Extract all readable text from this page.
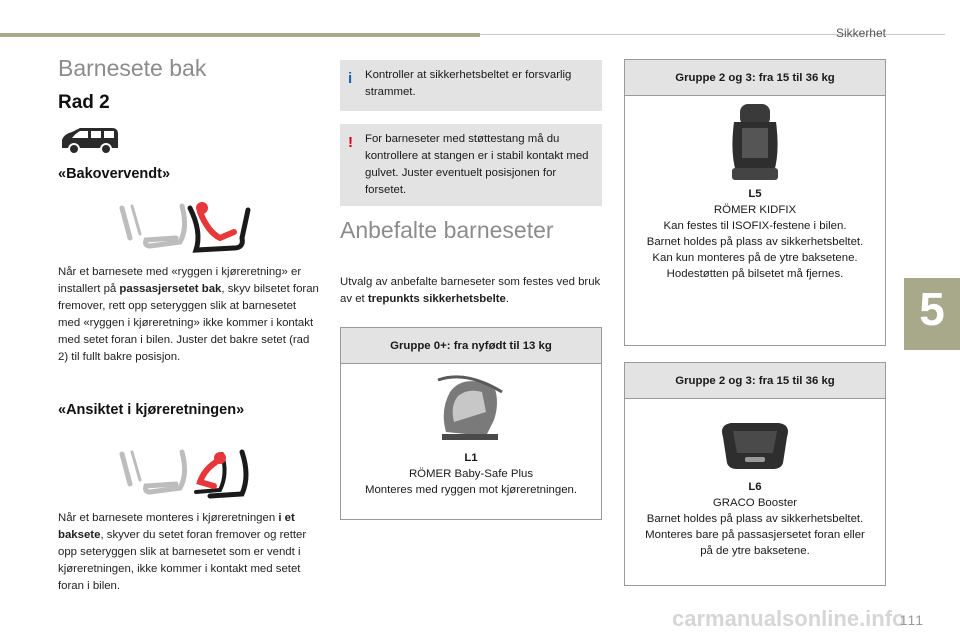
Sikkerhet
5
Barnesete bak
Rad 2
«Bakovervendt»
Når et barnesete med «ryggen i kjøreretning» er installert på passasjersetet bak, skyv bilsetet foran fremover, rett opp seteryggen slik at barnesetet med «ryggen i kjøreretning» ikke kommer i kontakt med setet foran i bilen. Juster det bakre setet (rad 2) til fullt bakre posisjon.
«Ansiktet i kjøreretningen»
Når et barnesete monteres i kjøreretningen i et baksete, skyver du setet foran fremover og retter opp seteryggen slik at barnesetet som er vendt i kjøreretningen, ikke kommer i kontakt med setet foran i bilen.
i Kontroller at sikkerhetsbeltet er forsvarlig strammet.
! For barneseter med støttestang må du kontrollere at stangen er i stabil kontakt med gulvet. Juster eventuelt posisjonen for forsetet.
Anbefalte barneseter
Utvalg av anbefalte barneseter som festes ved bruk av et trepunkts sikkerhetsbelte.
Gruppe 0+: fra nyfødt til 13 kg
L1
RÖMER Baby-Safe Plus
Monteres med ryggen mot kjøreretningen.
Gruppe 2 og 3: fra 15 til 36 kg
L5
RÖMER KIDFIX
Kan festes til ISOFIX-festene i bilen.
Barnet holdes på plass av sikkerhetsbeltet.
Kan kun monteres på de ytre baksetene.
Hodestøtten på bilsetet må fjernes.
Gruppe 2 og 3: fra 15 til 36 kg
L6
GRACO Booster
Barnet holdes på plass av sikkerhetsbeltet.
Monteres bare på passasjersetet foran eller
på de ytre baksetene.
carmanualsonline.info
111
